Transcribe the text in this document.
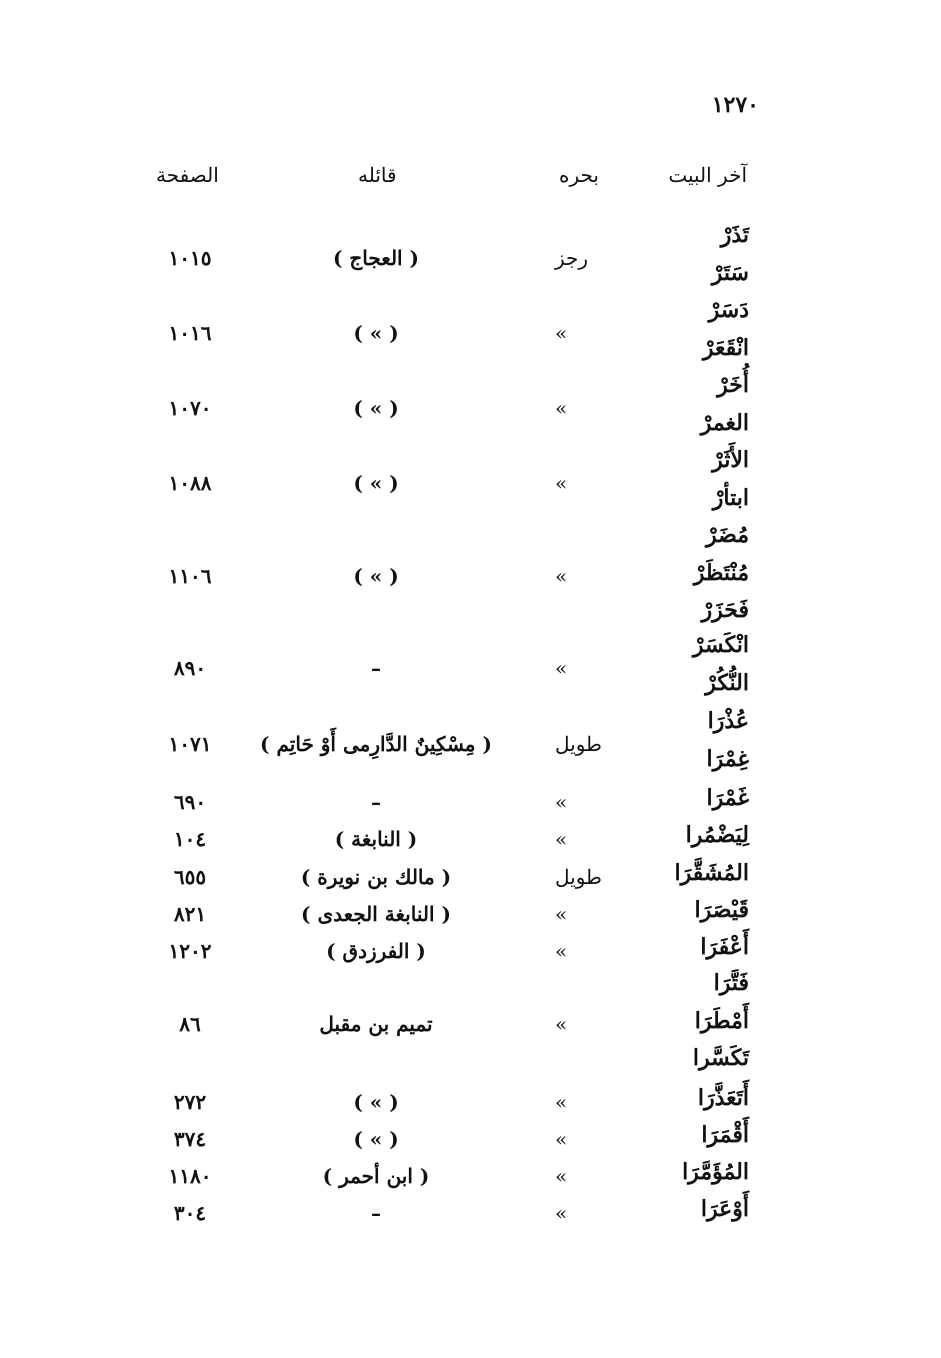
١٢٧٠
آخر البيت
بحره
قائله
الصفحة
تَذَرْ
سَتَرْ
رجز
( العجاج )
١٠١٥
دَسَرْ
انْقَعَرْ
»
( » )
١٠١٦
أُخَرْ
الغمرْ
»
( » )
١٠٧٠
الأَثَرْ
ابتأرْ
»
( » )
١٠٨٨
مُضَرْ
مُنْتَظَرْ
فَحَزَرْ
»
( » )
١١٠٦
انْكَسَرْ
النُّكُرْ
»
–
٨٩٠
عُذْرَا
غِمْرَا
طويل
( مِسْكِينٌ الدَّارِمى أَوْ حَاتِم )
١٠٧١
غَمْرَا
»
–
٦٩٠
لِيَضْمُرا
»
( النابغة )
١٠٤
المُشَقَّرَا
طويل
( مالك بن نويرة )
٦٥٥
قَيْصَرَا
»
( النابغة الجعدى )
٨٢١
أَعْفَرَا
»
( الفرزدق )
١٢٠٢
فَتَّرَا
أَمْطَرَا
تَكَسَّرا
»
تميم بن مقبل
٨٦
أَتَعَذَّرَا
»
( » )
٢٧٢
أَقْمَرَا
»
( » )
٣٧٤
المُؤَمَّرَا
»
( ابن أحمر )
١١٨٠
أَوْعَرَا
»
–
٣٠٤
